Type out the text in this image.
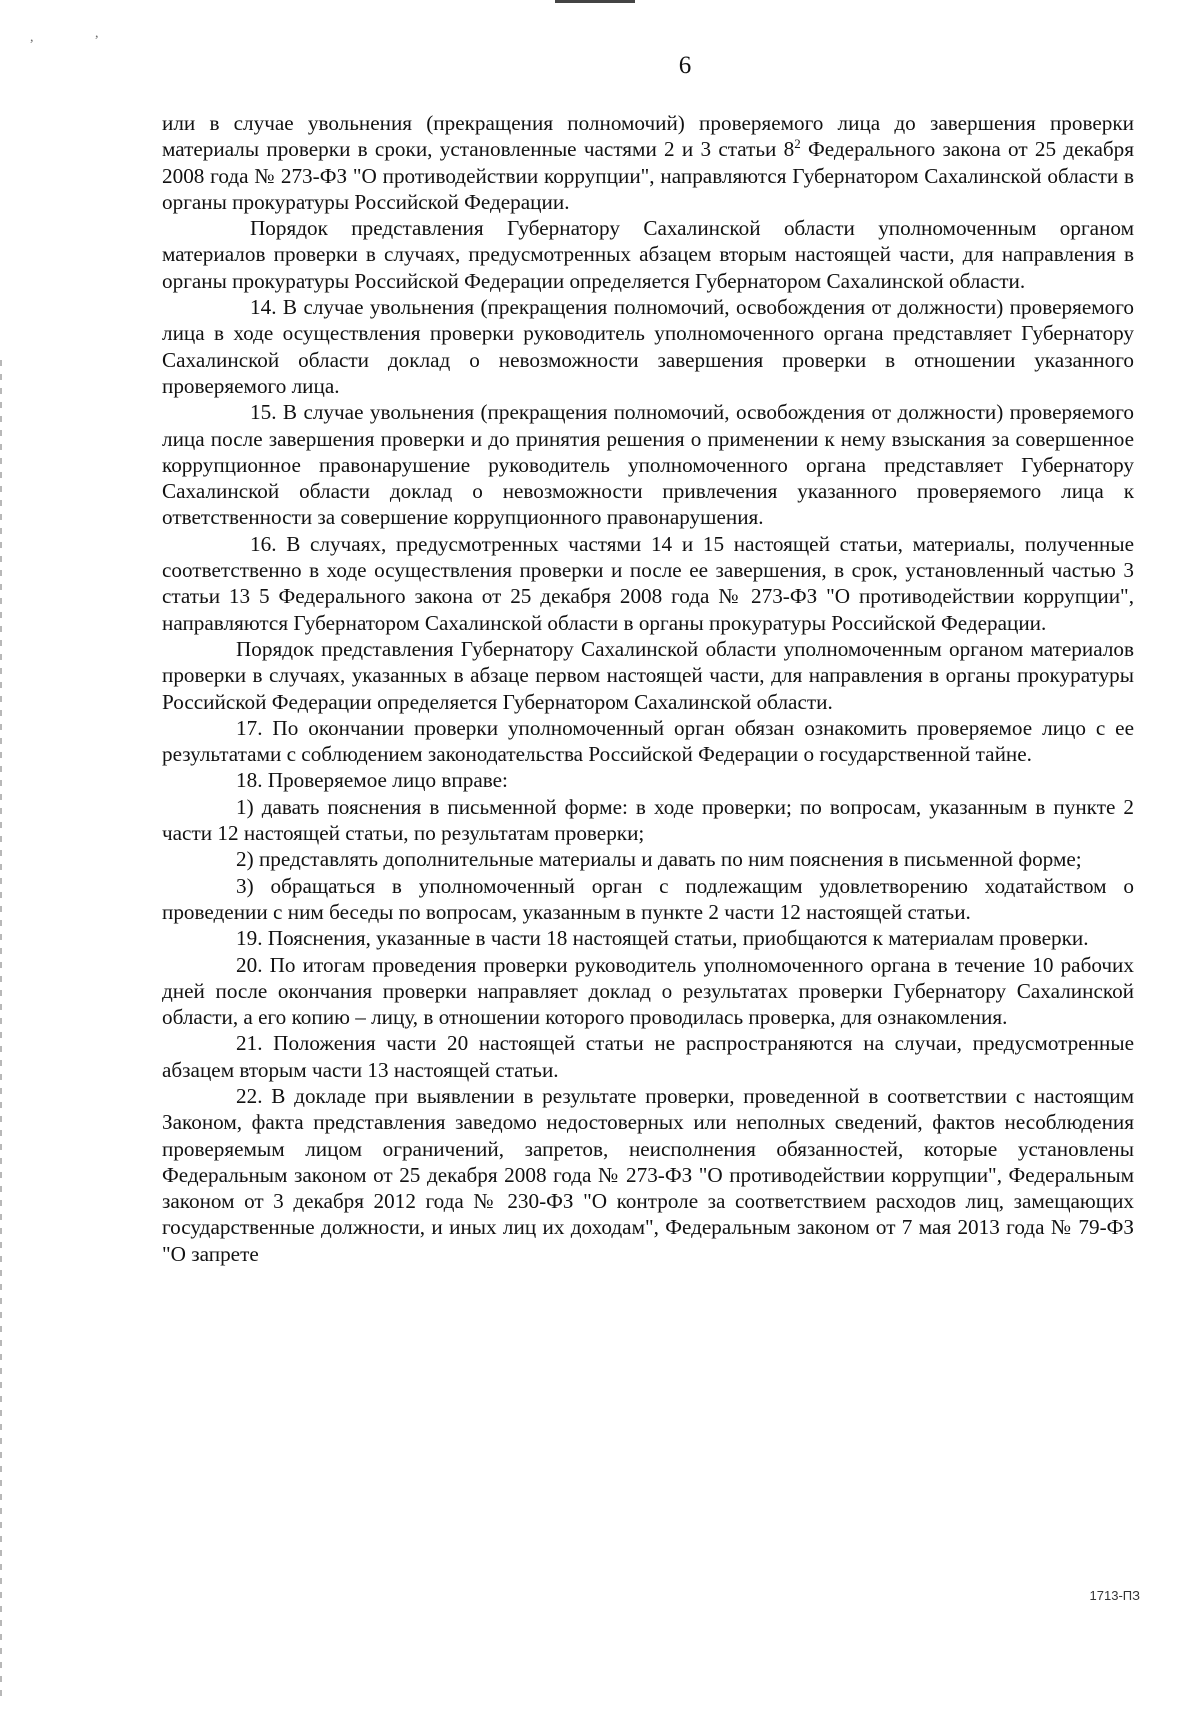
,	,
6

или в случае увольнения (прекращения полномочий) проверяемого лица до завершения проверки материалы проверки в сроки, установленные частями 2 и 3 статьи $8^2$ Федерального закона от 25 декабря 2008 года № 273-ФЗ "О противодействии коррупции", направляются Губернатором Сахалинской области в органы прокуратуры Российской Федерации.

Порядок представления Губернатору Сахалинской области уполномоченным органом материалов проверки в случаях, предусмотренных абзацем вторым настоящей части, для направления в органы прокуратуры Российской Федерации определяется Губернатором Сахалинской области.

14. В случае увольнения (прекращения полномочий, освобождения от должности) проверяемого лица в ходе осуществления проверки руководитель уполномоченного органа представляет Губернатору Сахалинской области доклад о невозможности завершения проверки в отношении указанного проверяемого лица.

15. В случае увольнения (прекращения полномочий, освобождения от должности) проверяемого лица после завершения проверки и до принятия решения о применении к нему взыскания за совершенное коррупционное правонарушение руководитель уполномоченного органа представляет Губернатору Сахалинской области доклад о невозможности привлечения указанного проверяемого лица к ответственности за совершение коррупционного правонарушения.

16. В случаях, предусмотренных частями 14 и 15 настоящей статьи, материалы, полученные соответственно в ходе осуществления проверки и после ее завершения, в срок, установленный частью 3 статьи 13 5 Федерального закона от 25 декабря 2008 года № 273-ФЗ "О противодействии коррупции", направляются Губернатором Сахалинской области в органы прокуратуры Российской Федерации.

Порядок представления Губернатору Сахалинской области уполномоченным органом материалов проверки в случаях, указанных в абзаце первом настоящей части, для направления в органы прокуратуры Российской Федерации определяется Губернатором Сахалинской области.

17. По окончании проверки уполномоченный орган обязан ознакомить проверяемое лицо с ее результатами с соблюдением законодательства Российской Федерации о государственной тайне.

18. Проверяемое лицо вправе:

1) давать пояснения в письменной форме: в ходе проверки; по вопросам, указанным в пункте 2 части 12 настоящей статьи, по результатам проверки;

2) представлять дополнительные материалы и давать по ним пояснения в письменной форме;

3) обращаться в уполномоченный орган с подлежащим удовлетворению ходатайством о проведении с ним беседы по вопросам, указанным в пункте 2 части 12 настоящей статьи.

19. Пояснения, указанные в части 18 настоящей статьи, приобщаются к материалам проверки.

20. По итогам проведения проверки руководитель уполномоченного органа в течение 10 рабочих дней после окончания проверки направляет доклад о результатах проверки Губернатору Сахалинской области, а его копию – лицу, в отношении которого проводилась проверка, для ознакомления.

21. Положения части 20 настоящей статьи не распространяются на случаи, предусмотренные абзацем вторым части 13 настоящей статьи.

22. В докладе при выявлении в результате проверки, проведенной в соответствии с настоящим Законом, факта представления заведомо недостоверных или неполных сведений, фактов несоблюдения проверяемым лицом ограничений, запретов, неисполнения обязанностей, которые установлены Федеральным законом от 25 декабря 2008 года № 273-ФЗ "О противодействии коррупции", Федеральным законом от 3 декабря 2012 года № 230-ФЗ "О контроле за соответствием расходов лиц, замещающих государственные должности, и иных лиц их доходам", Федеральным законом от 7 мая 2013 года № 79-ФЗ "О запрете

1713-ПЗ
